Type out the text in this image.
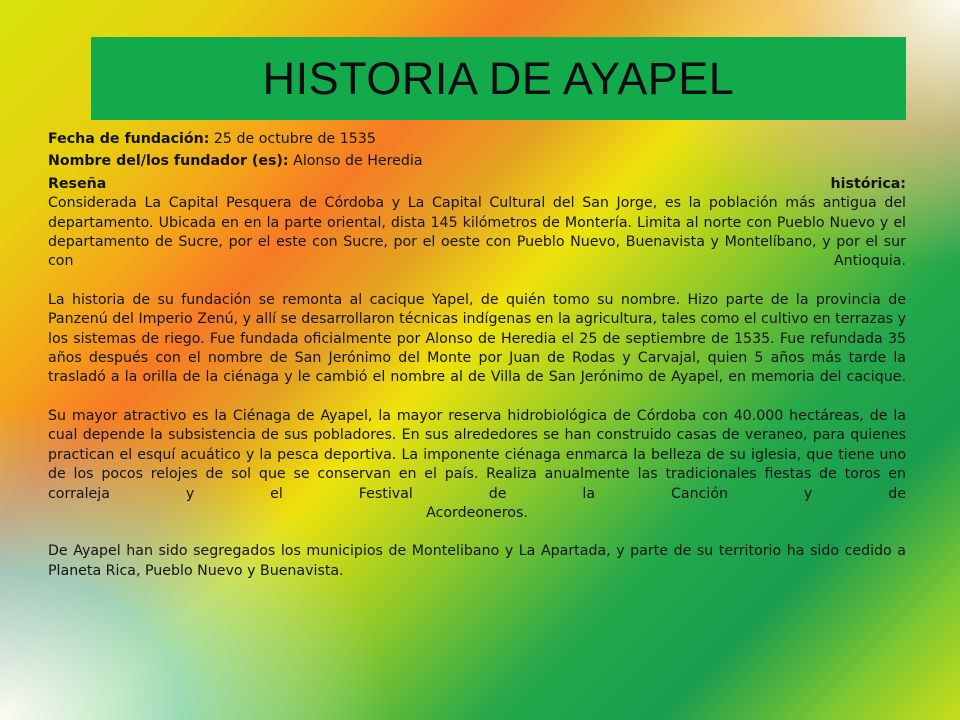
HISTORIA DE AYAPEL
Fecha de fundación: 25 de octubre de 1535
Nombre del/los fundador (es): Alonso de Heredia
Reseña	histórica:

Considerada La Capital Pesquera de Córdoba y La Capital Cultural del San Jorge, es la población más antigua del departamento. Ubicada en en la parte oriental, dista 145 kilómetros de Montería. Limita al norte con Pueblo Nuevo y el departamento de Sucre, por el este con Sucre, por el oeste con Pueblo Nuevo, Buenavista y Montelíbano, y por el sur con Antioquia.

La historia de su fundación se remonta al cacique Yapel, de quién tomo su nombre. Hizo parte de la provincia de Panzenú del Imperio Zenú, y allí se desarrollaron técnicas indígenas en la agricultura, tales como el cultivo en terrazas y los sistemas de riego. Fue fundada oficialmente por Alonso de Heredia el 25 de septiembre de 1535. Fue refundada 35 años después con el nombre de San Jerónimo del Monte por Juan de Rodas y Carvajal, quien 5 años más tarde la trasladó a la orilla de la ciénaga y le cambió el nombre al de Villa de San Jerónimo de Ayapel, en memoria del cacique.

Su mayor atractivo es la Ciénaga de Ayapel, la mayor reserva hidrobiológica de Córdoba con 40.000 hectáreas, de la cual depende la subsistencia de sus pobladores. En sus alrededores se han construido casas de veraneo, para quienes practican el esquí acuático y la pesca deportiva. La imponente ciénaga enmarca la belleza de su iglesia, que tiene uno de los pocos relojes de sol que se conservan en el país. Realiza anualmente las tradicionales fiestas de toros en corraleja y el Festival de la Canción y de

Acordeoneros.

De Ayapel han sido segregados los municipios de Montelibano y La Apartada, y parte de su territorio ha sido cedido a Planeta Rica, Pueblo Nuevo y Buenavista.
